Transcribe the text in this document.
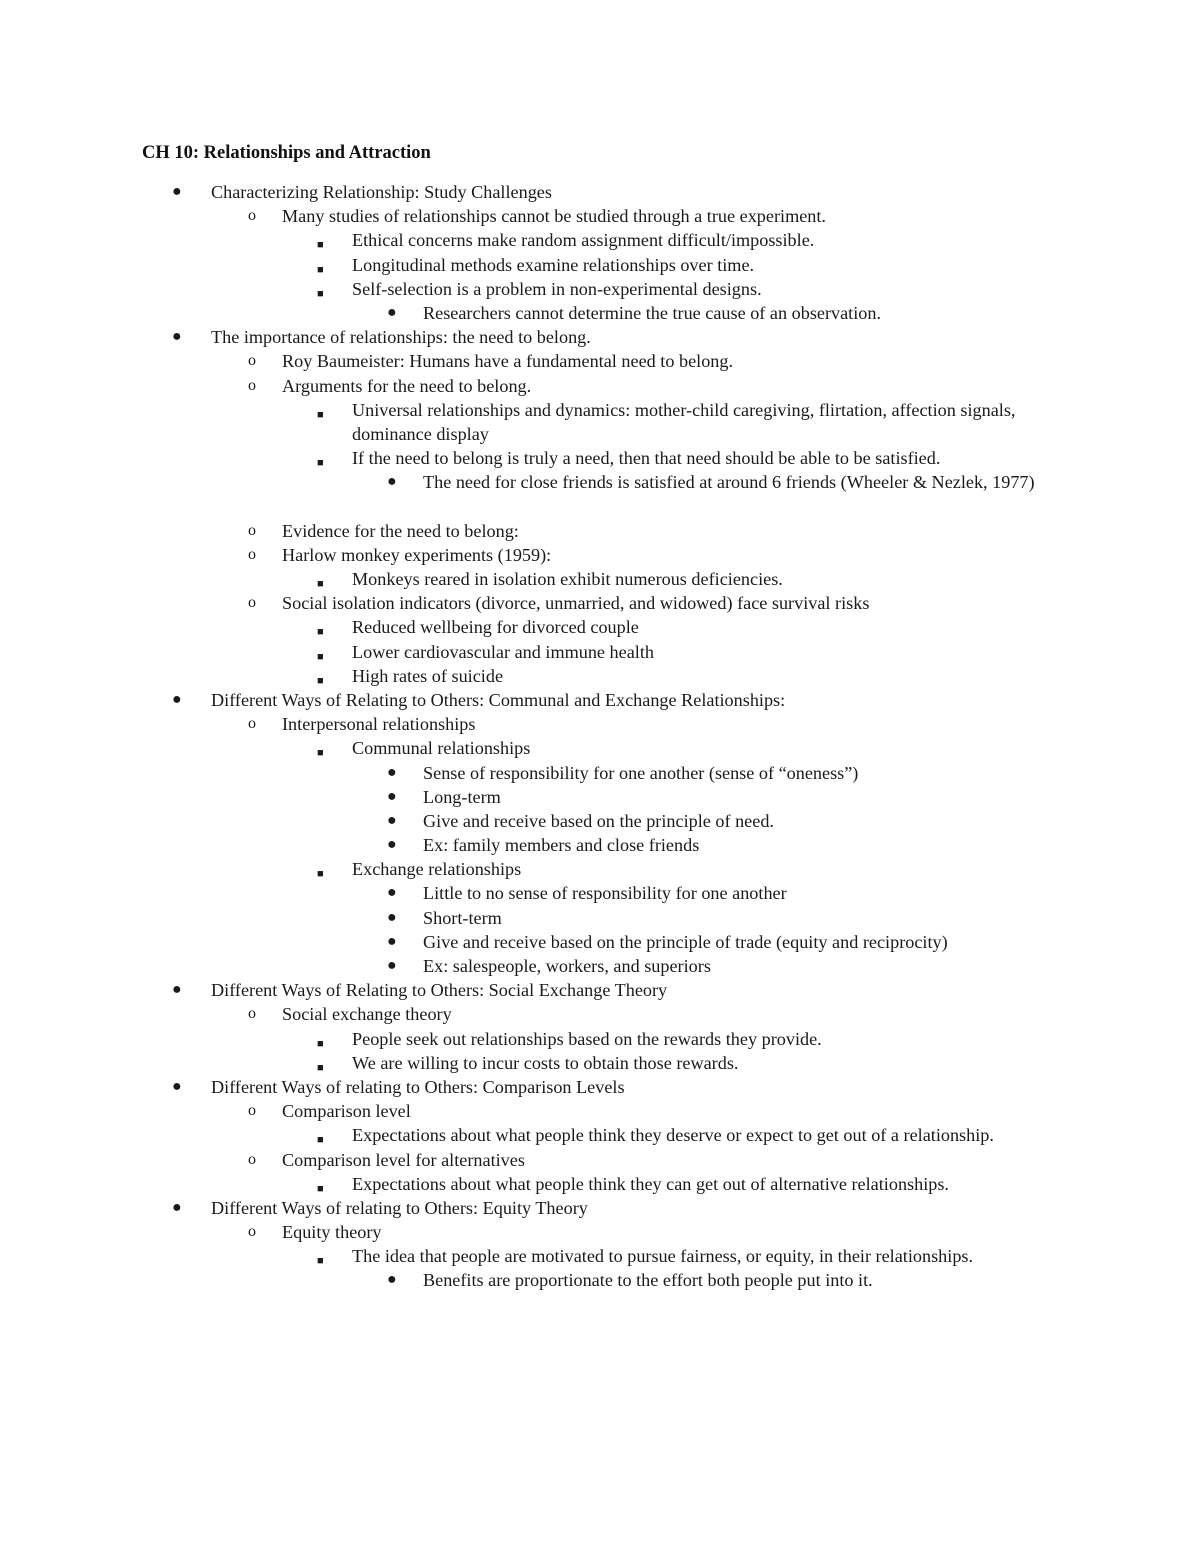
CH 10: Relationships and Attraction
● Characterizing Relationship: Study Challenges
o Many studies of relationships cannot be studied through a true experiment.
■ Ethical concerns make random assignment difficult/impossible.
■ Longitudinal methods examine relationships over time.
■ Self-selection is a problem in non-experimental designs.
● Researchers cannot determine the true cause of an observation.
● The importance of relationships: the need to belong.
o Roy Baumeister: Humans have a fundamental need to belong.
o Arguments for the need to belong.
■ Universal relationships and dynamics: mother-child caregiving, flirtation, affection signals, dominance display
■ If the need to belong is truly a need, then that need should be able to be satisfied.
● The need for close friends is satisfied at around 6 friends (Wheeler & Nezlek, 1977)
o Evidence for the need to belong:
o Harlow monkey experiments (1959):
■ Monkeys reared in isolation exhibit numerous deficiencies.
o Social isolation indicators (divorce, unmarried, and widowed) face survival risks
■ Reduced wellbeing for divorced couple
■ Lower cardiovascular and immune health
■ High rates of suicide
● Different Ways of Relating to Others: Communal and Exchange Relationships:
o Interpersonal relationships
■ Communal relationships
● Sense of responsibility for one another (sense of “oneness”)
● Long-term
● Give and receive based on the principle of need.
● Ex: family members and close friends
■ Exchange relationships
● Little to no sense of responsibility for one another
● Short-term
● Give and receive based on the principle of trade (equity and reciprocity)
● Ex: salespeople, workers, and superiors
● Different Ways of Relating to Others: Social Exchange Theory
o Social exchange theory
■ People seek out relationships based on the rewards they provide.
■ We are willing to incur costs to obtain those rewards.
● Different Ways of relating to Others: Comparison Levels
o Comparison level
■ Expectations about what people think they deserve or expect to get out of a relationship.
o Comparison level for alternatives
■ Expectations about what people think they can get out of alternative relationships.
● Different Ways of relating to Others: Equity Theory
o Equity theory
■ The idea that people are motivated to pursue fairness, or equity, in their relationships.
● Benefits are proportionate to the effort both people put into it.
